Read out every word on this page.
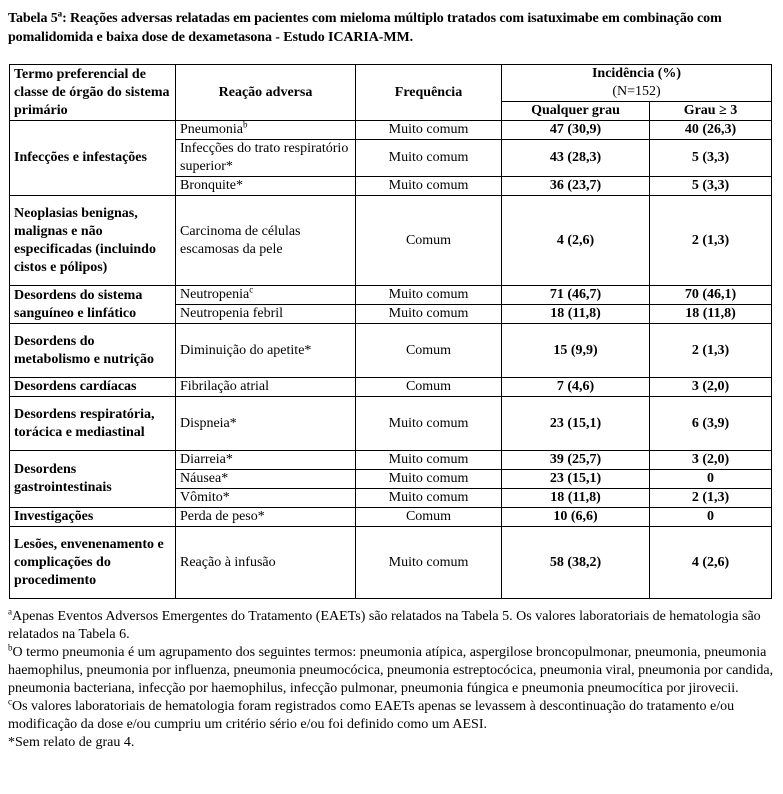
Tabela 5$^a$: Reações adversas relatadas em pacientes com mieloma múltiplo tratados com isatuximabe em combinação com pomalidomida e baixa dose de dexametasona - Estudo ICARIA-MM.
Termo preferencial de classe de órgão do sistema primário	Reação adversa	Frequência	Incidência (%)
(N=152)	

			Qualquer grau	Grau ≥ 3
Infecções e infestações	Pneumonia$^b$	Muito comum	47 (30,9)	40 (26,3)
	Infecções do trato respiratório superior*	Muito comum	43 (28,3)	5 (3,3)
	Bronquite*	Muito comum	36 (23,7)	5 (3,3)
Neoplasias benignas, malignas e não especificadas (incluindo cistos e pólipos)	Carcinoma de células escamosas da pele	Comum	4 (2,6)	2 (1,3)
Desordens do sistema sanguíneo e linfático	Neutropenia$^c$	Muito comum	71 (46,7)	70 (46,1)
	Neutropenia febril	Muito comum	18 (11,8)	18 (11,8)
Desordens do metabolismo e nutrição	Diminuição do apetite*	Comum	15 (9,9)	2 (1,3)
Desordens cardíacas	Fibrilação atrial	Comum	7 (4,6)	3 (2,0)
Desordens respiratória, torácica e mediastinal	Dispneia*	Muito comum	23 (15,1)	6 (3,9)
Desordens gastrointestinais	Diarreia*	Muito comum	39 (25,7)	3 (2,0)
	Náusea*	Muito comum	23 (15,1)	0
	Vômito*	Muito comum	18 (11,8)	2 (1,3)
Investigações	Perda de peso*	Comum	10 (6,6)	0
Lesões, envenenamento e complicações do procedimento	Reação à infusão	Muito comum	58 (38,2)	4 (2,6)

$^a$Apenas Eventos Adversos Emergentes do Tratamento (EAETs) são relatados na Tabela 5. Os valores laboratoriais de hematologia são relatados na Tabela 6.

$^b$O termo pneumonia é um agrupamento dos seguintes termos: pneumonia atípica, aspergilose broncopulmonar, pneumonia, pneumonia haemophilus, pneumonia por influenza, pneumonia pneumocócica, pneumonia estreptocócica, pneumonia viral, pneumonia por candida, pneumonia bacteriana, infecção por haemophilus, infecção pulmonar, pneumonia fúngica e pneumonia pneumocítica por jirovecii.

$^c$Os valores laboratoriais de hematologia foram registrados como EAETs apenas se levassem à descontinuação do tratamento e/ou modificação da dose e/ou cumpriu um critério sério e/ou foi definido como um AESI.

*Sem relato de grau 4.
